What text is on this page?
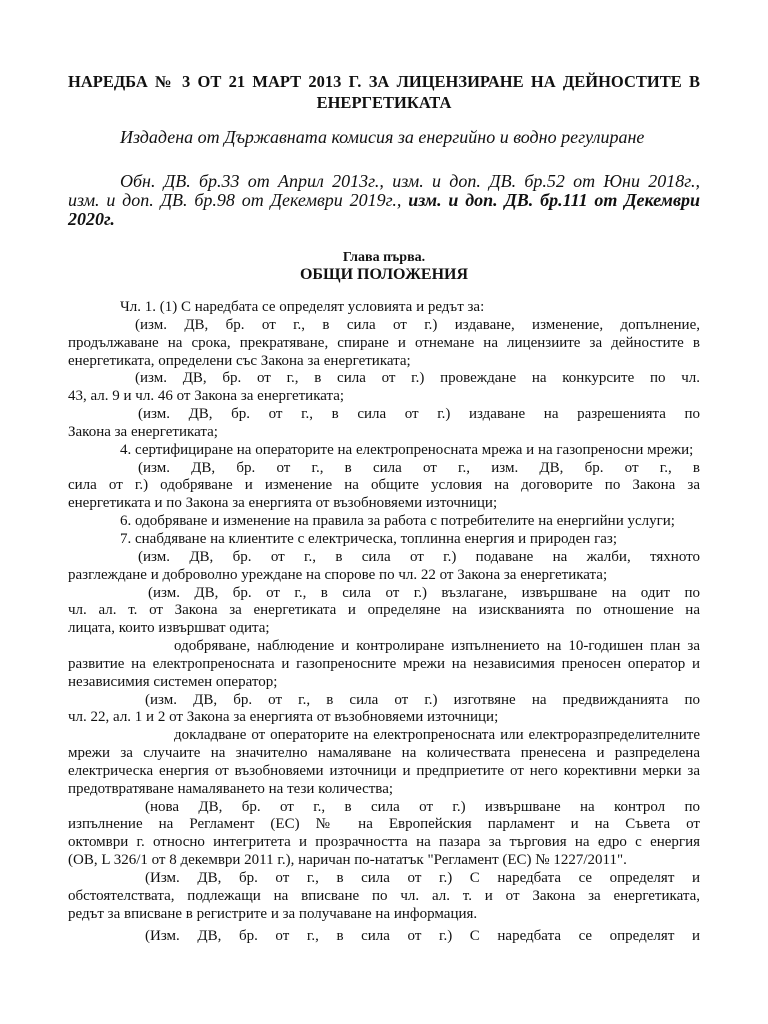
НАРЕДБА № 3 ОТ 21 МАРТ 2013 Г. ЗА ЛИЦЕНЗИРАНЕ НА ДЕЙНОСТИТЕ В
ЕНЕРГЕТИКАТА
Издадена от Държавната комисия за енергийно и водно регулиране
Обн. ДВ. бр.33 от Април 2013г., изм. и доп. ДВ. бр.52 от Юни 2018г.,
изм. и доп. ДВ. бр.98 от Декември 2019г., изм. и доп. ДВ. бр.111 от Декември
2020г.
Глава първа.
ОБЩИ ПОЛОЖЕНИЯ
Чл. 1. (1) С наредбата се определят условията и редът за:
(изм. ДВ, бр. от г., в сила от г.) издаване, изменение, допълнение,
продължаване на срока, прекратяване, спиране и отнемане на лицензиите за дейностите в
енергетиката, определени със Закона за енергетиката;
(изм. ДВ, бр. от г., в сила от г.) провеждане на конкурсите по чл.
43, ал. 9 и чл. 46 от Закона за енергетиката;
(изм. ДВ, бр. от г., в сила от г.) издаване на разрешенията по
Закона за енергетиката;
4. сертифициране на операторите на електропреносната мрежа и на газопреносни мрежи;
(изм. ДВ, бр. от г., в сила от г., изм. ДВ, бр. от г., в
сила от г.) одобряване и изменение на общите условия на договорите по Закона за
енергетиката и по Закона за енергията от възобновяеми източници;
6. одобряване и изменение на правила за работа с потребителите на енергийни услуги;
7. снабдяване на клиентите с електрическа, топлинна енергия и природен газ;
(изм. ДВ, бр. от г., в сила от г.) подаване на жалби, тяхното
разглеждане и доброволно уреждане на спорове по чл. 22 от Закона за енергетиката;
(изм. ДВ, бр. от г., в сила от г.) възлагане, извършване на одит по
чл. ал. т. от Закона за енергетиката и определяне на изискванията по отношение на
лицата, които извършват одита;
одобряване, наблюдение и контролиране изпълнението на 10-годишен план за
развитие на електропреносната и газопреносните мрежи на независимия преносен оператор и
независимия системен оператор;
(изм. ДВ, бр. от г., в сила от г.) изготвяне на предвижданията по
чл. 22, ал. 1 и 2 от Закона за енергията от възобновяеми източници;
докладване от операторите на електропреносната или електроразпределителните
мрежи за случаите на значително намаляване на количествата пренесена и разпределена
електрическа енергия от възобновяеми източници и предприетите от него корективни мерки за
предотвратяване намаляването на тези количества;
(нова ДВ, бр. от г., в сила от г.) извършване на контрол по
изпълнение на Регламент (ЕС) № на Европейския парламент и на Съвета от
октомври г. относно интегритета и прозрачността на пазара за търговия на едро с енергия
(ОВ, L 326/1 от 8 декември 2011 г.), наричан по-нататък "Регламент (ЕС) № 1227/2011".
(Изм. ДВ, бр. от г., в сила от г.) С наредбата се определят и
обстоятелствата, подлежащи на вписване по чл. ал. т. и от Закона за енергетиката,
редът за вписване в регистрите и за получаване на информация.
(Изм. ДВ, бр. от г., в сила от г.) С наредбата се определят и
